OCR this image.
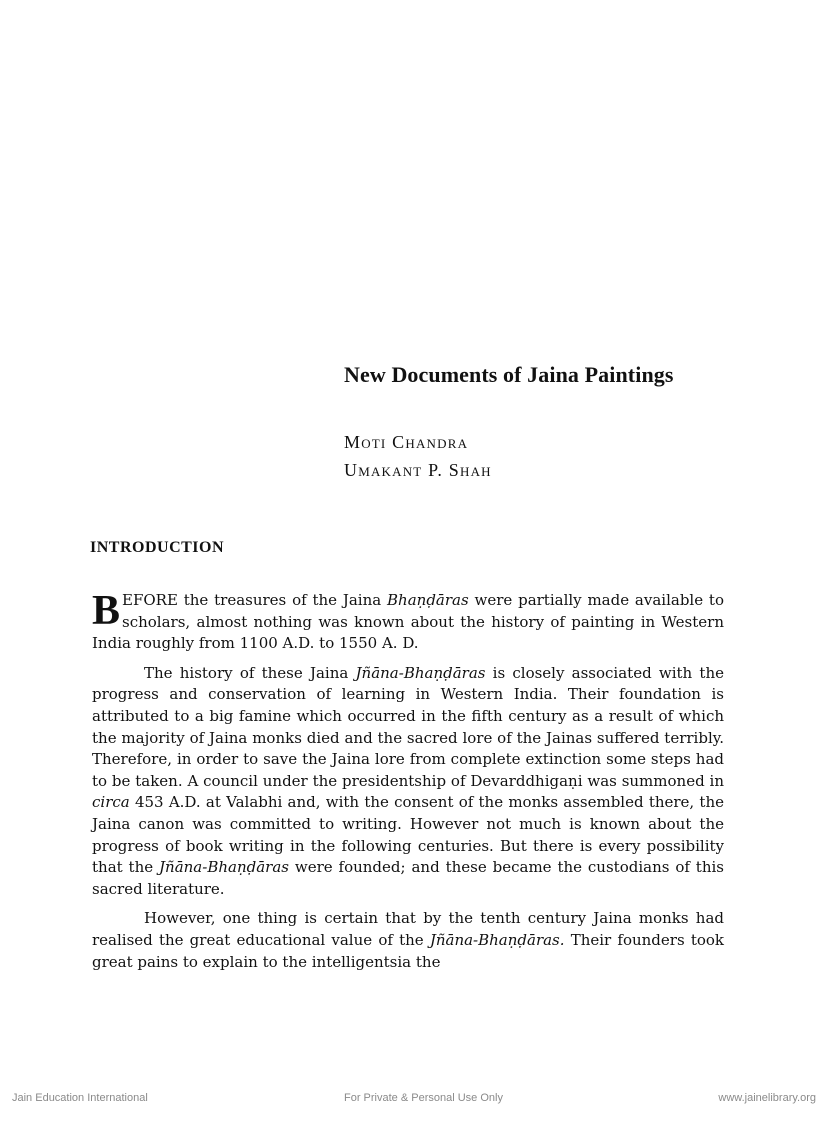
New Documents of Jaina Paintings
Moti Chandra
Umakant P. Shah
INTRODUCTION

BEFORE the treasures of the Jaina Bhaṇḍāras were partially made available to scholars, almost nothing was known about the history of painting in Western India roughly from 1100 A.D. to 1550 A. D.

The history of these Jaina Jñāna-Bhaṇḍāras is closely associated with the progress and conservation of learning in Western India. Their foundation is attributed to a big famine which occurred in the fifth century as a result of which the majority of Jaina monks died and the sacred lore of the Jainas suffered terribly. Therefore, in order to save the Jaina lore from complete extinction some steps had to be taken. A council under the presidentship of Devarddhigaṇi was summoned in circa 453 A.D. at Valabhi and, with the consent of the monks assembled there, the Jaina canon was committed to writing. However not much is known about the progress of book writing in the following centuries. But there is every possibility that the Jñāna-Bhaṇḍāras were founded; and these became the custodians of this sacred literature.

However, one thing is certain that by the tenth century Jaina monks had realised the great educational value of the Jñāna-Bhaṇḍāras. Their founders took great pains to explain to the intelligentsia the

Jain Education International	For Private & Personal Use Only	www.jainelibrary.org
